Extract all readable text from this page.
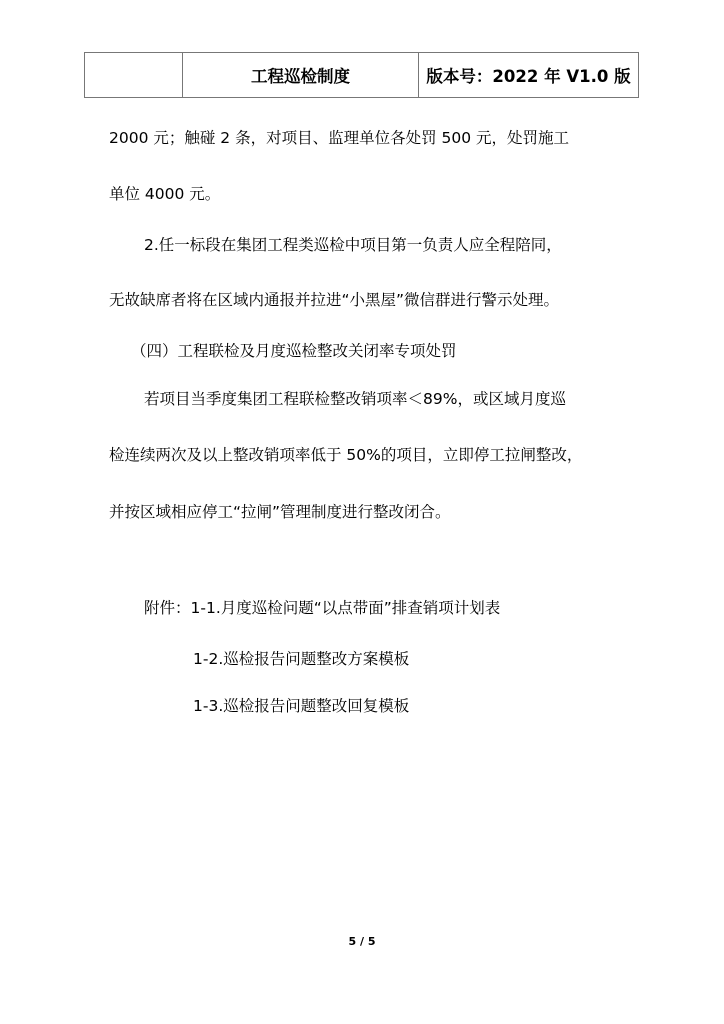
工程巡检制度	版本号：2022 年 V1.0 版

2000 元；触碰 2 条，对项目、监理单位各处罚 500 元，处罚施工

单位 4000 元。

2.任一标段在集团工程类巡检中项目第一负责人应全程陪同，

无故缺席者将在区域内通报并拉进“小黑屋”微信群进行警示处理。

（四）工程联检及月度巡检整改关闭率专项处罚

若项目当季度集团工程联检整改销项率＜89%，或区域月度巡

检连续两次及以上整改销项率低于 50%的项目，立即停工拉闸整改，

并按区域相应停工“拉闸”管理制度进行整改闭合。

附件：1-1.月度巡检问题“以点带面”排查销项计划表

1-2.巡检报告问题整改方案模板

1-3.巡检报告问题整改回复模板

5 / 5
